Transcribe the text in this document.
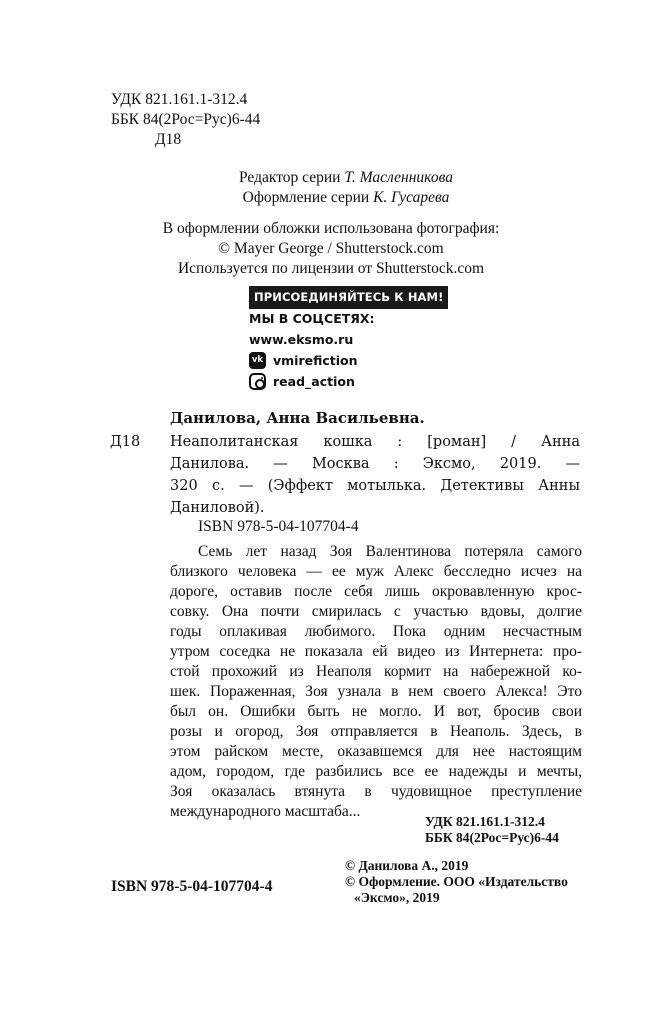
УДК 821.161.1-312.4
ББК 84(2Рос=Рус)6-44
Д18
Редактор серии Т. Масленникова
Оформление серии К. Гусарева
В оформлении обложки использована фотография:
© Mayer George / Shutterstock.com
Используется по лицензии от Shutterstock.com
ПРИСОЕДИНЯЙТЕСЬ К НАМ!
МЫ В СОЦСЕТЯХ:
www.eksmo.ru
vk vmirefiction
read_action
Данилова, Анна Васильевна.
Д18 Неаполитанская кошка : [роман] / Анна
Данилова. — Москва : Эксмо, 2019. —
320 с. — (Эффект мотылька. Детективы Анны
Даниловой).
ISBN 978-5-04-107704-4
Семь лет назад Зоя Валентинова потеряла самого
близкого человека — ее муж Алекс бесследно исчез на
дороге, оставив после себя лишь окровавленную крос-
совку. Она почти смирилась с участью вдовы, долгие
годы оплакивая любимого. Пока одним несчастным
утром соседка не показала ей видео из Интернета: про-
стой прохожий из Неаполя кормит на набережной ко-
шек. Пораженная, Зоя узнала в нем своего Алекса! Это
был он. Ошибки быть не могло. И вот, бросив свои
розы и огород, Зоя отправляется в Неаполь. Здесь, в
этом райском месте, оказавшемся для нее настоящим
адом, городом, где разбились все ее надежды и мечты,
Зоя оказалась втянута в чудовищное преступление
международного масштаба...
УДК 821.161.1-312.4
ББК 84(2Рос=Рус)6-44
© Данилова А., 2019
© Оформление. ООО «Издательство
«Эксмо», 2019
ISBN 978-5-04-107704-4
